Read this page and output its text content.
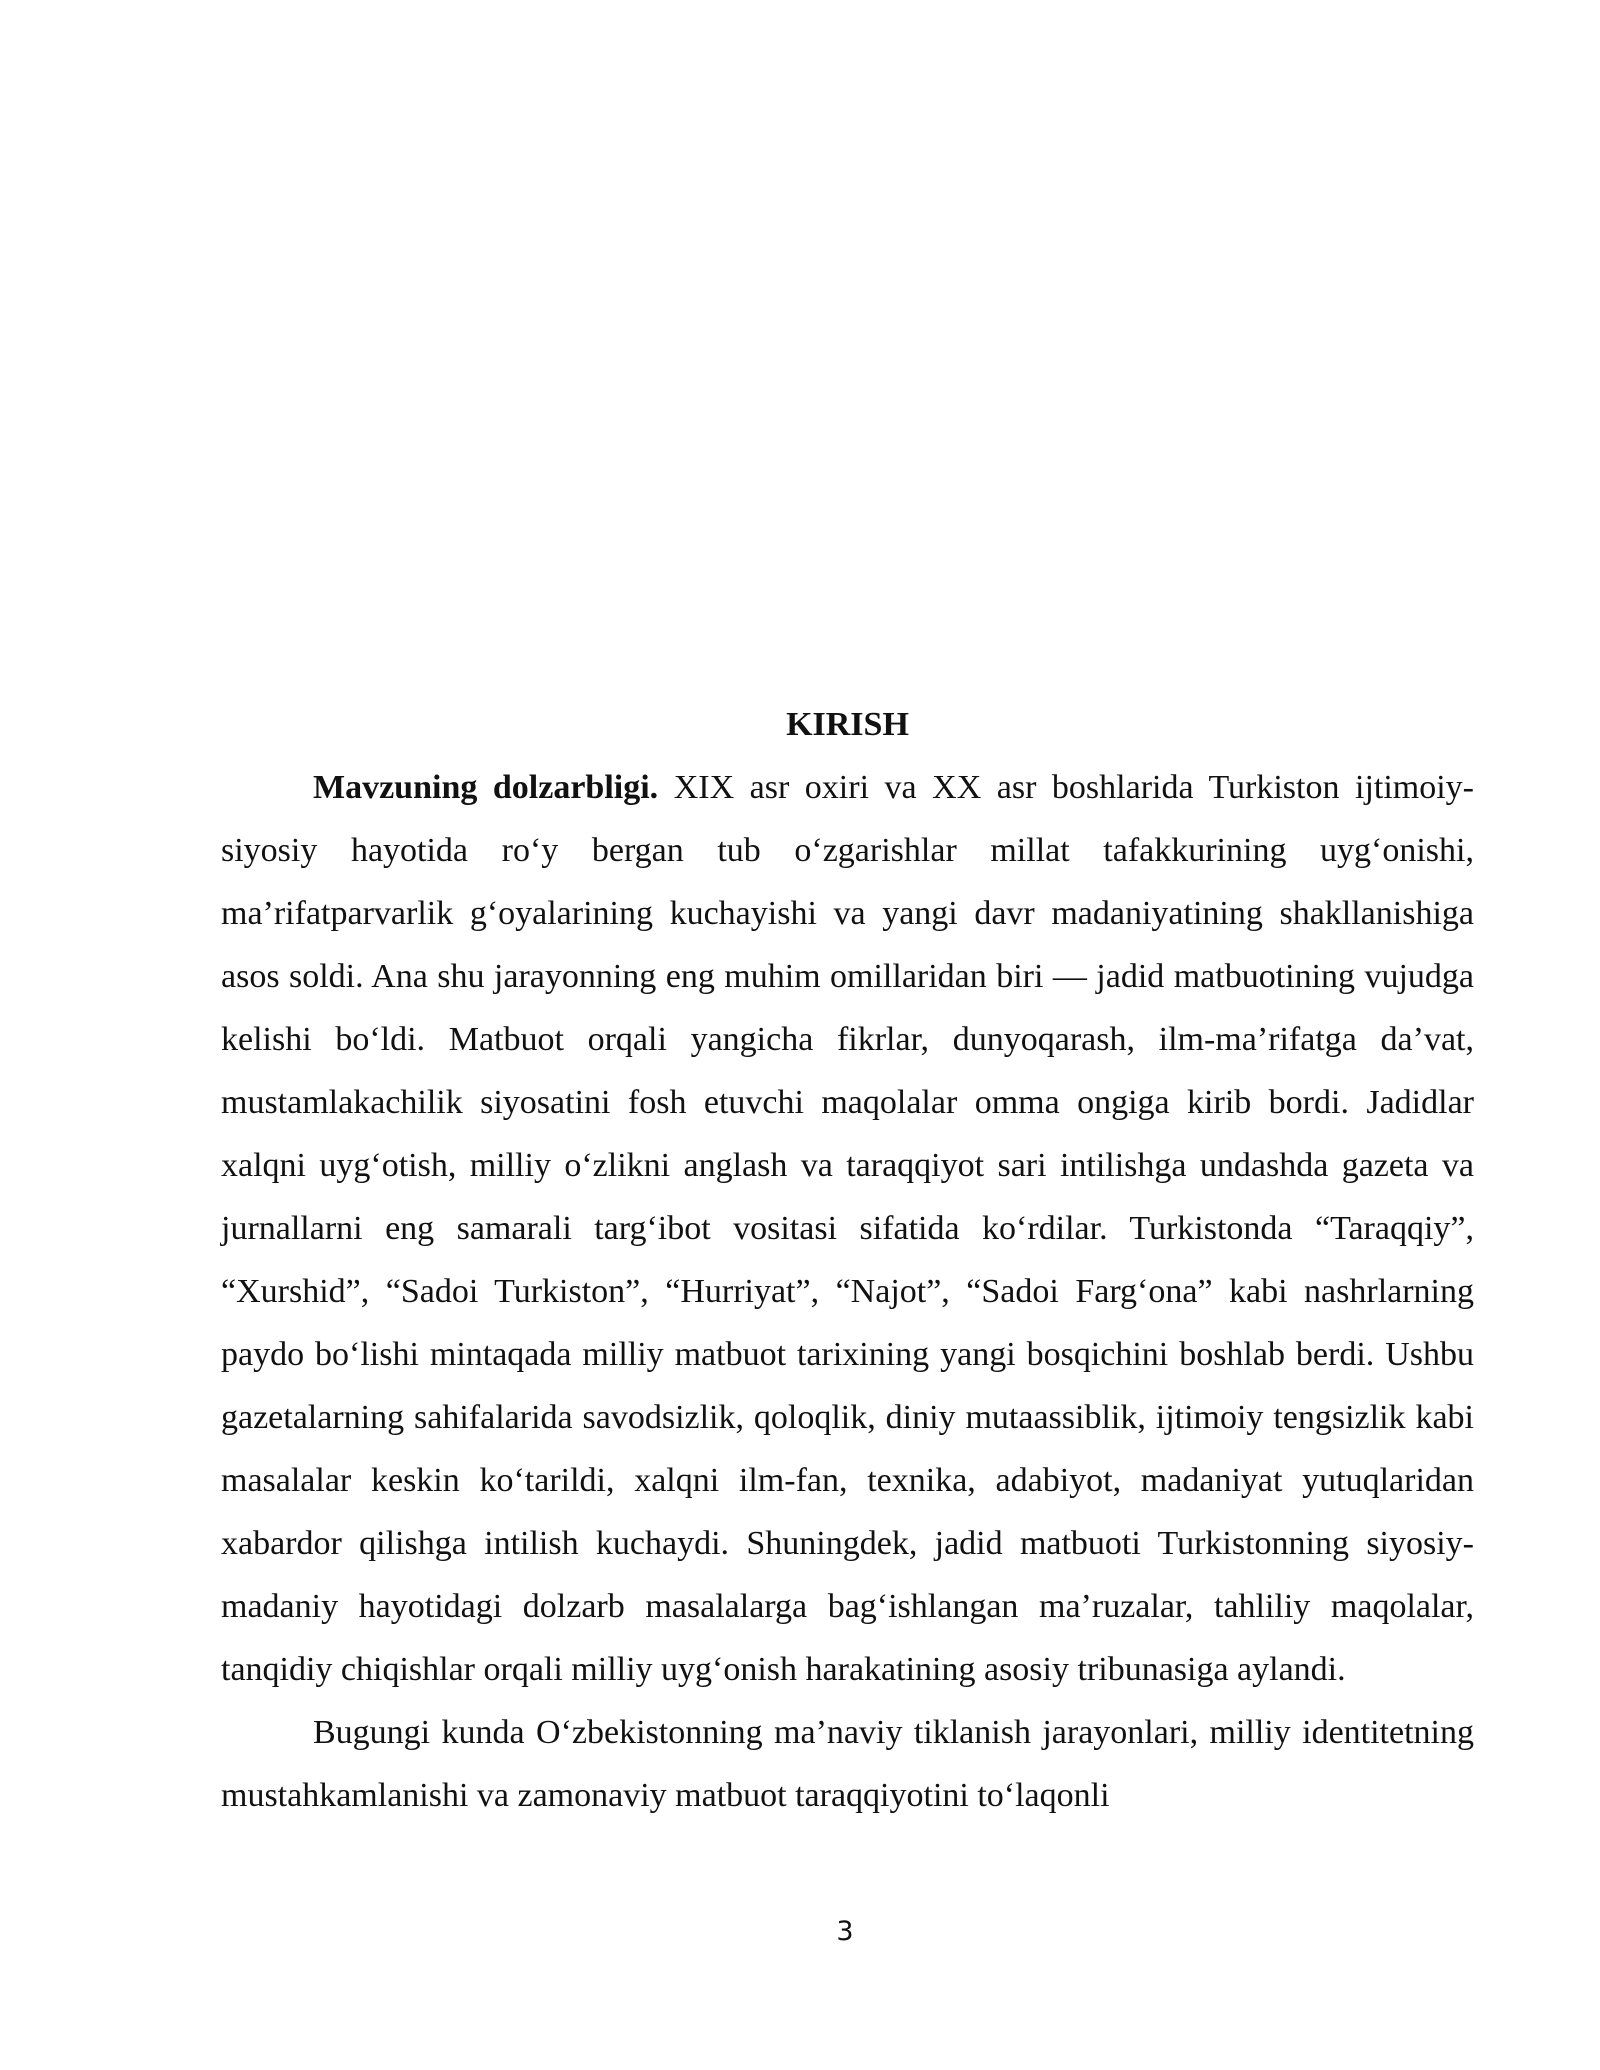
KIRISH

Mavzuning dolzarbligi. XIX asr oxiri va XX asr boshlarida Turkiston ijtimoiy-siyosiy hayotida ro‘y bergan tub o‘zgarishlar millat tafakkurining uyg‘onishi, ma’rifatparvarlik g‘oyalarining kuchayishi va yangi davr madaniyatining shakllanishiga asos soldi. Ana shu jarayonning eng muhim omillaridan biri — jadid matbuotining vujudga kelishi bo‘ldi. Matbuot orqali yangicha fikrlar, dunyoqarash, ilm-ma’rifatga da’vat, mustamlakachilik siyosatini fosh etuvchi maqolalar omma ongiga kirib bordi. Jadidlar xalqni uyg‘otish, milliy o‘zlikni anglash va taraqqiyot sari intilishga undashda gazeta va jurnallarni eng samarali targ‘ibot vositasi sifatida ko‘rdilar. Turkistonda “Taraqqiy”, “Xurshid”, “Sadoi Turkiston”, “Hurriyat”, “Najot”, “Sadoi Farg‘ona” kabi nashrlarning paydo bo‘lishi mintaqada milliy matbuot tarixining yangi bosqichini boshlab berdi. Ushbu gazetalarning sahifalarida savodsizlik, qoloqlik, diniy mutaassiblik, ijtimoiy tengsizlik kabi masalalar keskin ko‘tarildi, xalqni ilm-fan, texnika, adabiyot, madaniyat yutuqlaridan xabardor qilishga intilish kuchaydi. Shuningdek, jadid matbuoti Turkistonning siyosiy-madaniy hayotidagi dolzarb masalalarga bag‘ishlangan ma’ruzalar, tahliliy maqolalar, tanqidiy chiqishlar orqali milliy uyg‘onish harakatining asosiy tribunasiga aylandi.

Bugungi kunda O‘zbekistonning ma’naviy tiklanish jarayonlari, milliy identitetning mustahkamlanishi va zamonaviy matbuot taraqqiyotini to‘laqonli

3
